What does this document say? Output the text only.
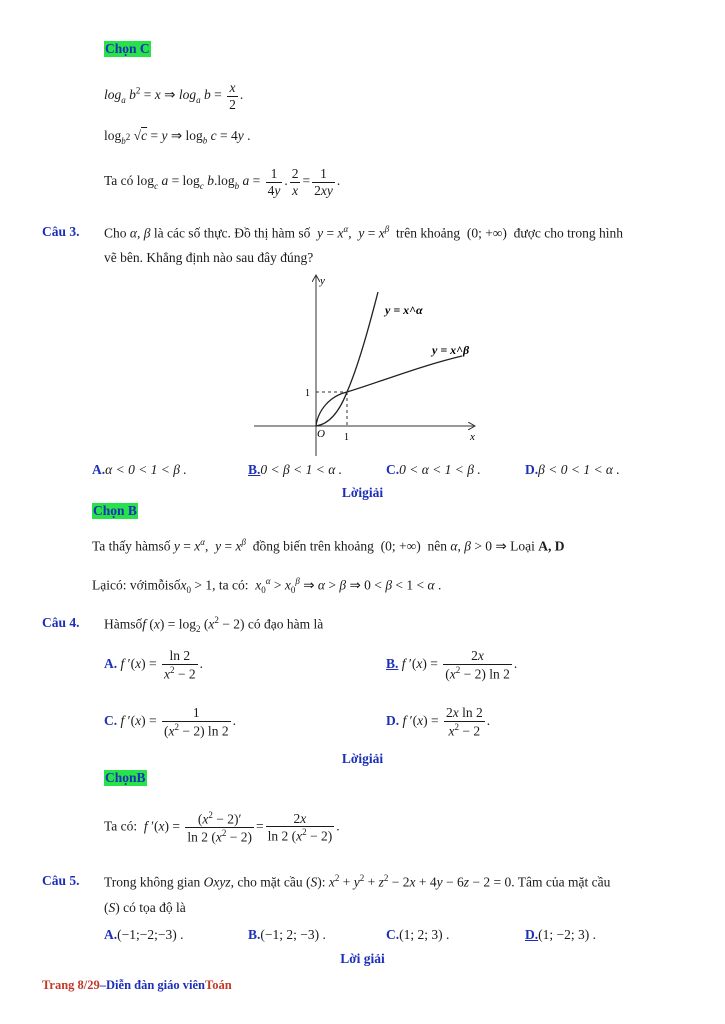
Chọn C
$\log_a b^2 = x$ ⇒ $\log_a b = \frac{x}{2}$ .
$\log_{b^2} √c = y$ ⇒ $\log_b c = 4y$ .
Ta có $\log_c a = \log_c b.\log_b$ $a = \frac{1}{4y}$ . $\frac{2}{x} = \frac{1}{2xy}$ .
Câu 3. Cho α, β là các số thực. Đồ thị hàm số  $y = x^\alpha$,  $y = x^\beta$  trên khoảng  (0; +∞)  được cho trong hình
vẽ bên. Khẳng định nào sau đây đúng?
y = x^α
y = x^β
x
y
O 1
1
A.α < 0 < 1 < β .	B.0 < β < 1 < α .	C.0 < α < 1 < β .	D.β < 0 < 1 < α .
Lờigiải
Chọn B
Ta thấy hàmsố $y = x^\alpha$,  $y = x^\beta$ đồng biến trên khoảng  (0; +∞)  nên α, β > 0 ⇒ Loại A, D
Lạicó: vớimỗisốx$_0$ > 1, ta có: $x_0^\alpha > x_0^\beta$ ⇒ α > β ⇒ 0 < β < 1 < α .
Câu 4. Hàmsốf $(x) = \log_2 (x^2 - 2)$ có đạo hàm là
A. f $'(x) = \frac{\ln 2}{x^2 - 2}$ .	B. f $'(x) = \frac{2x}{(x^2 - 2) \ln 2}$ .
C. f $'(x) = \frac{1}{(x^2 - 2) \ln 2}$ .	D. f $'(x) = \frac{\text{2x ln 2}}{x^2 - 2}$ .
Lờigiải
ChọnB
Ta có: f $'(x) = \frac{(x^2 - 2)'}{\ln 2 (x^2 - 2)} = \frac{2x}{\ln 2 (x^2 - 2)}$ .
Câu 5. Trong không gian Oxyz, cho mặt cầu (S): $x^2 + y^2 + z^2 - 2x + 4y - 6z - 2 = 0$. Tâm của mặt cầu
(S) có tọa độ là
A.(−1;−2;−3) .	B.(−1; 2; −3) .	C.(1; 2; 3) .	D.(1; −2; 3) .
Lời giải
Trang 8/29–Diễn đàn giáo viênToán
